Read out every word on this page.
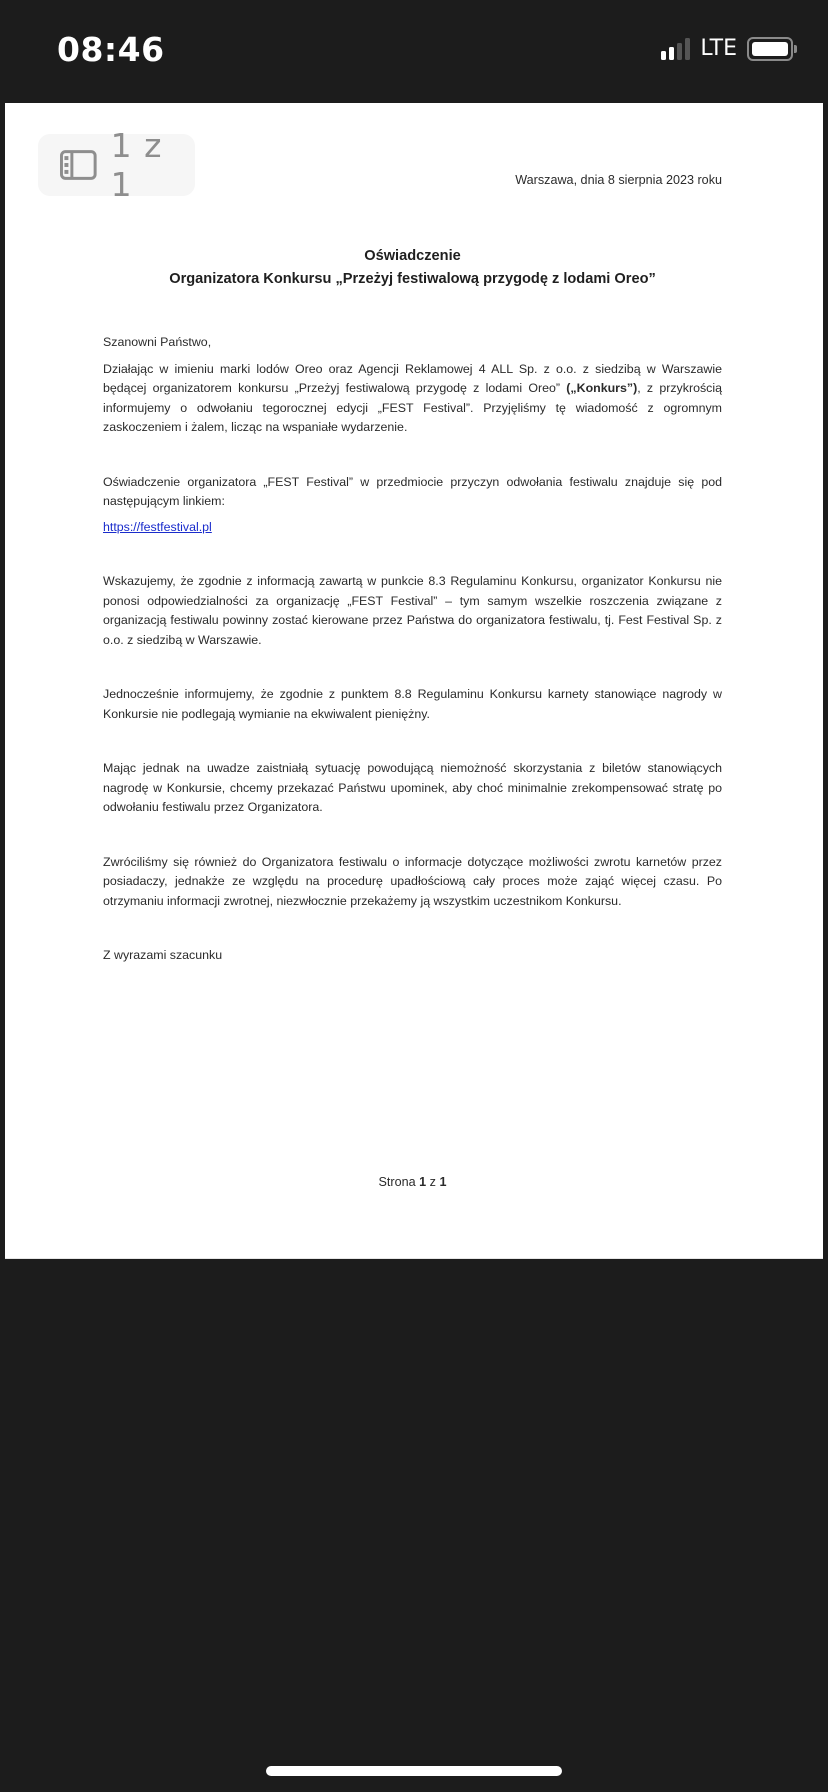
08:46	LTE
1 z 1	Warszawa, dnia 8 sierpnia 2023 roku
Oświadczenie
Organizatora Konkursu „Przeżyj festiwalową przygodę z lodami Oreo”

Szanowni Państwo,

Działając w imieniu marki lodów Oreo oraz Agencji Reklamowej 4 ALL Sp. z o.o. z siedzibą w Warszawie będącej organizatorem konkursu „Przeżyj festiwalową przygodę z lodami Oreo” („Konkurs”), z przykrością informujemy o odwołaniu tegorocznej edycji „FEST Festival”. Przyjęliśmy tę wiadomość z ogromnym zaskoczeniem i żalem, licząc na wspaniałe wydarzenie.

Oświadczenie organizatora „FEST Festival” w przedmiocie przyczyn odwołania festiwalu znajduje się pod następującym linkiem:

https://festfestival.pl

Wskazujemy, że zgodnie z informacją zawartą w punkcie 8.3 Regulaminu Konkursu, organizator Konkursu nie ponosi odpowiedzialności za organizację „FEST Festival” – tym samym wszelkie roszczenia związane z organizacją festiwalu powinny zostać kierowane przez Państwa do organizatora festiwalu, tj. Fest Festival Sp. z o.o. z siedzibą w Warszawie.

Jednocześnie informujemy, że zgodnie z punktem 8.8 Regulaminu Konkursu karnety stanowiące nagrody w Konkursie nie podlegają wymianie na ekwiwalent pieniężny.

Mając jednak na uwadze zaistniałą sytuację powodującą niemożność skorzystania z biletów stanowiących nagrodę w Konkursie, chcemy przekazać Państwu upominek, aby choć minimalnie zrekompensować stratę po odwołaniu festiwalu przez Organizatora.

Zwróciliśmy się również do Organizatora festiwalu o informacje dotyczące możliwości zwrotu karnetów przez posiadaczy, jednakże ze względu na procedurę upadłościową cały proces może zająć więcej czasu. Po otrzymaniu informacji zwrotnej, niezwłocznie przekażemy ją wszystkim uczestnikom Konkursu.

Z wyrazami szacunku

Strona 1 z 1
